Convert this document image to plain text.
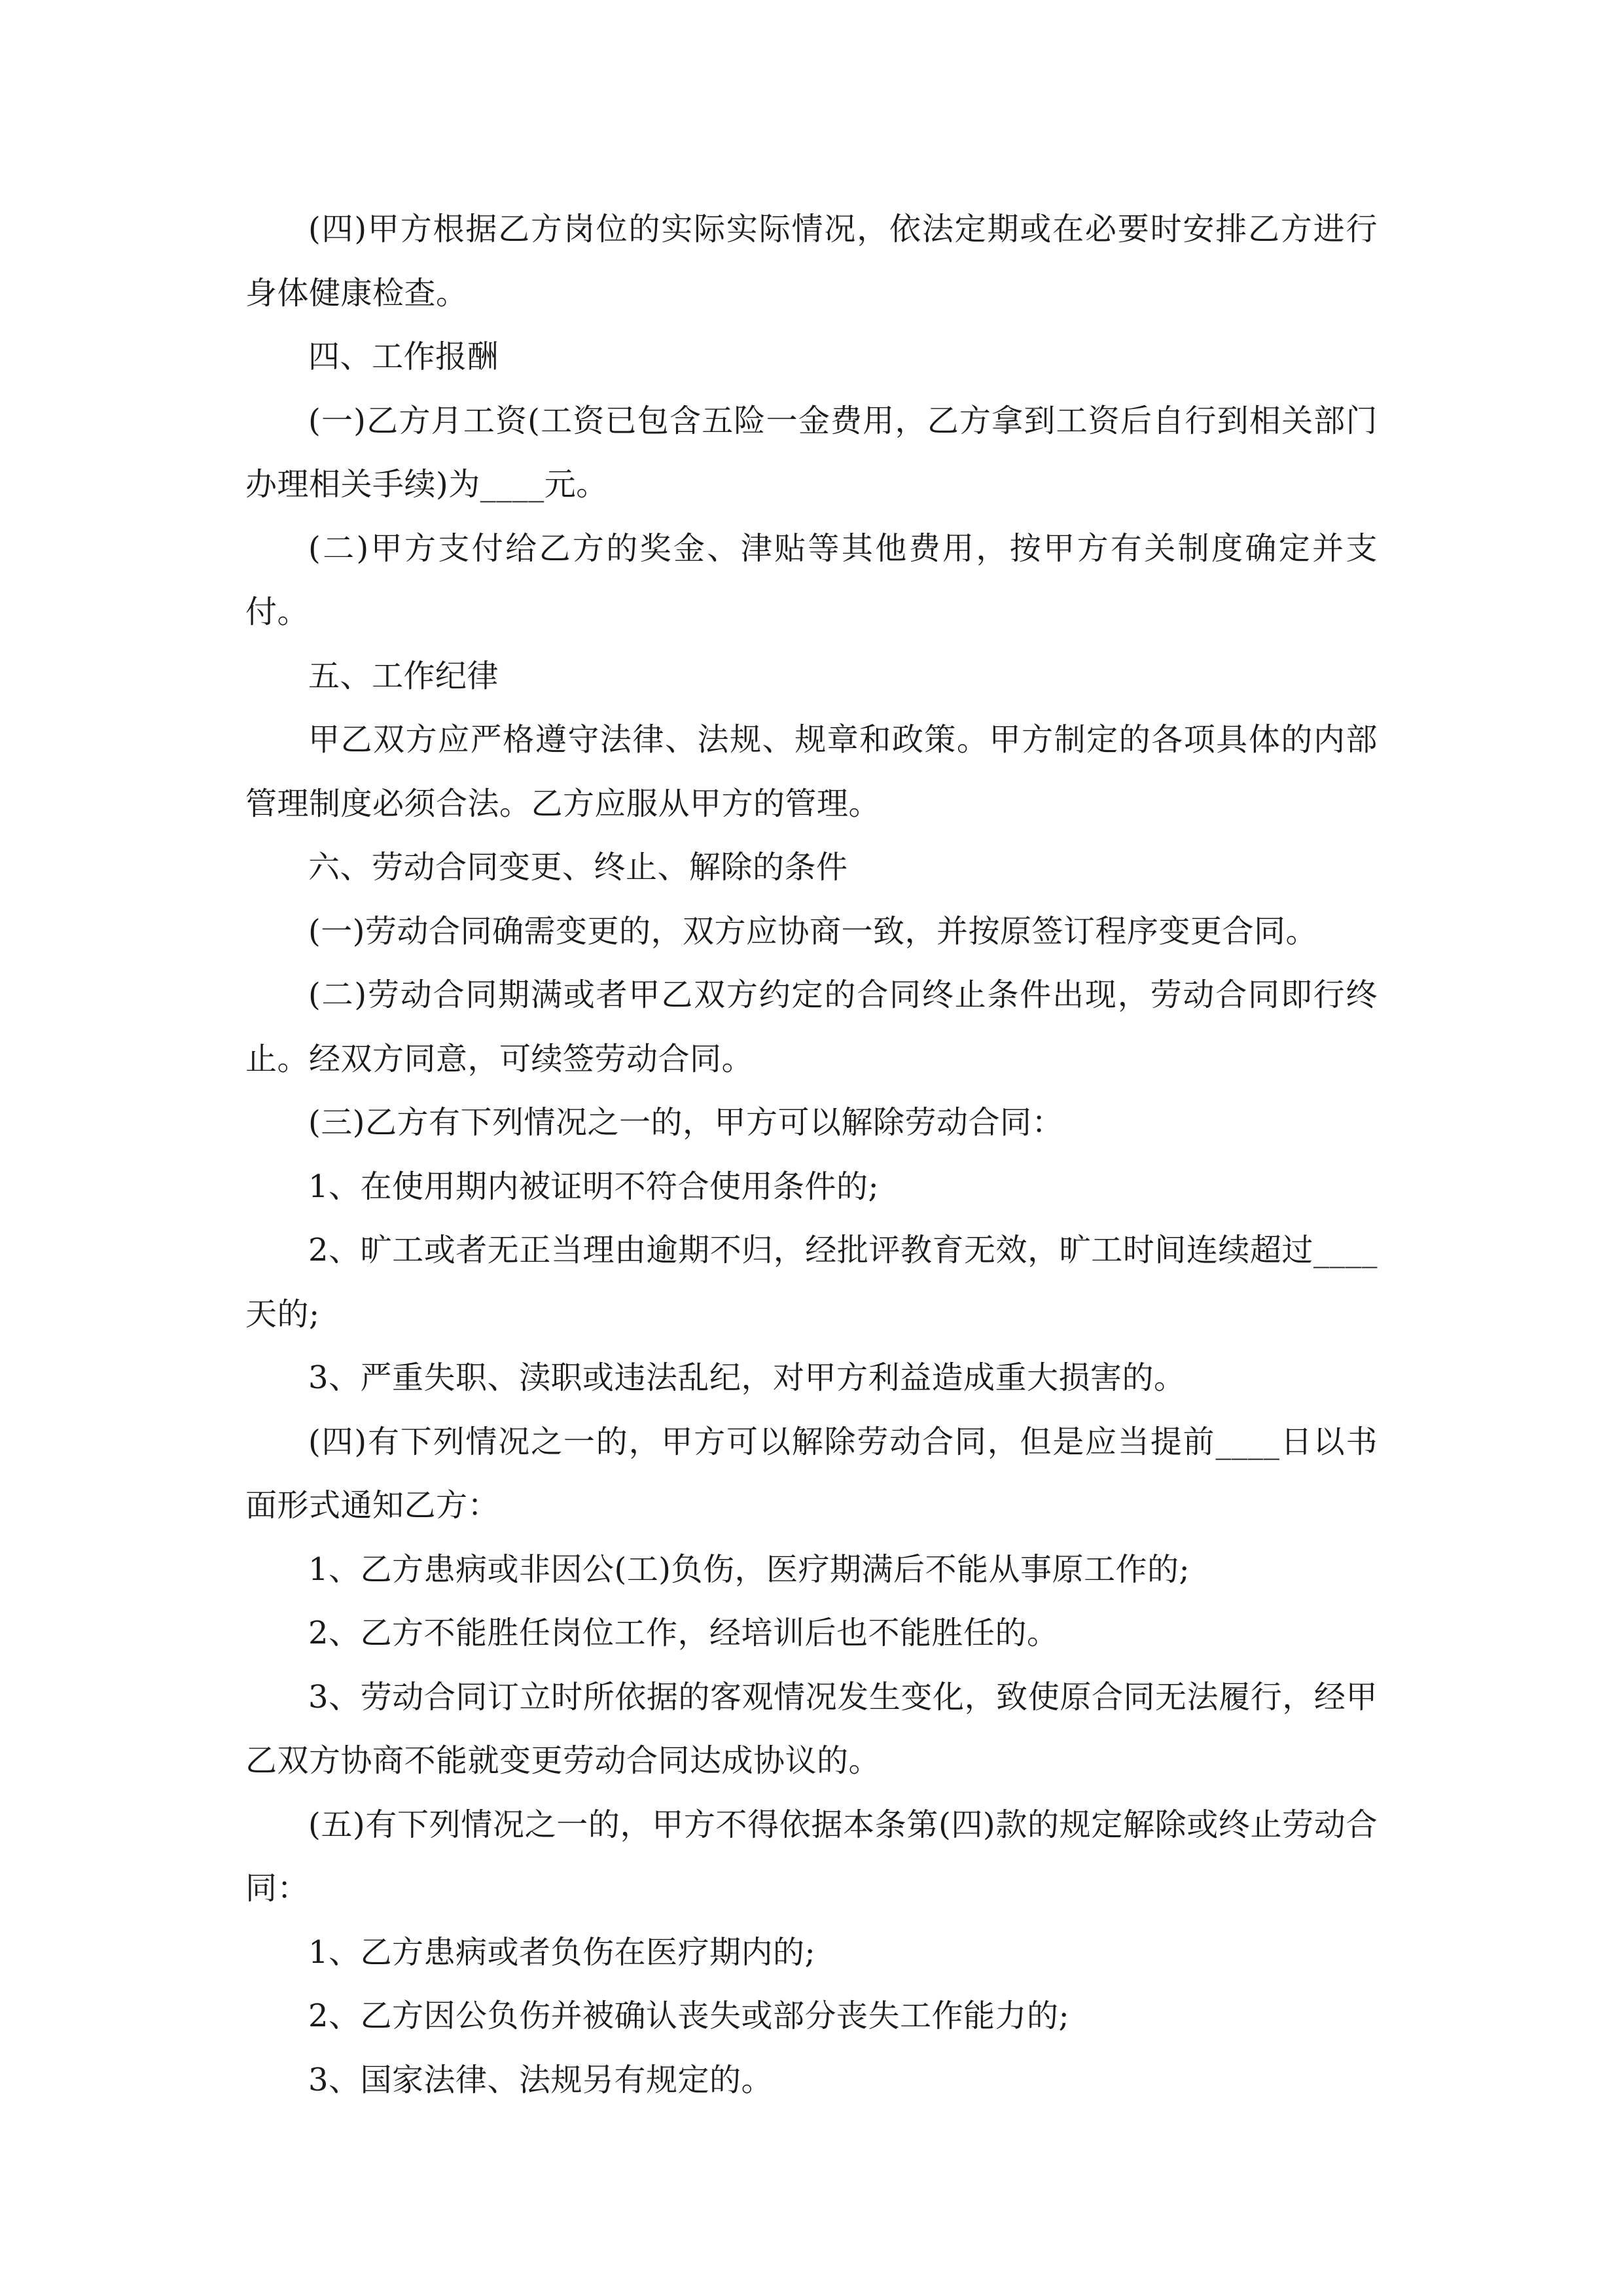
(四)甲方根据乙方岗位的实际实际情况，依法定期或在必要时安排乙方进行身体健康检查。

四、工作报酬

(一)乙方月工资(工资已包含五险一金费用，乙方拿到工资后自行到相关部门办理相关手续)为____元。

(二)甲方支付给乙方的奖金、津贴等其他费用，按甲方有关制度确定并支付。

五、工作纪律

甲乙双方应严格遵守法律、法规、规章和政策。甲方制定的各项具体的内部管理制度必须合法。乙方应服从甲方的管理。

六、劳动合同变更、终止、解除的条件

(一)劳动合同确需变更的，双方应协商一致，并按原签订程序变更合同。

(二)劳动合同期满或者甲乙双方约定的合同终止条件出现，劳动合同即行终止。经双方同意，可续签劳动合同。

(三)乙方有下列情况之一的，甲方可以解除劳动合同：

1、在使用期内被证明不符合使用条件的;

2、旷工或者无正当理由逾期不归，经批评教育无效，旷工时间连续超过____天的;

3、严重失职、渎职或违法乱纪，对甲方利益造成重大损害的。

(四)有下列情况之一的，甲方可以解除劳动合同，但是应当提前____日以书面形式通知乙方：

1、乙方患病或非因公(工)负伤，医疗期满后不能从事原工作的;

2、乙方不能胜任岗位工作，经培训后也不能胜任的。

3、劳动合同订立时所依据的客观情况发生变化，致使原合同无法履行，经甲乙双方协商不能就变更劳动合同达成协议的。

(五)有下列情况之一的，甲方不得依据本条第(四)款的规定解除或终止劳动合同：

1、乙方患病或者负伤在医疗期内的;

2、乙方因公负伤并被确认丧失或部分丧失工作能力的;

3、国家法律、法规另有规定的。
